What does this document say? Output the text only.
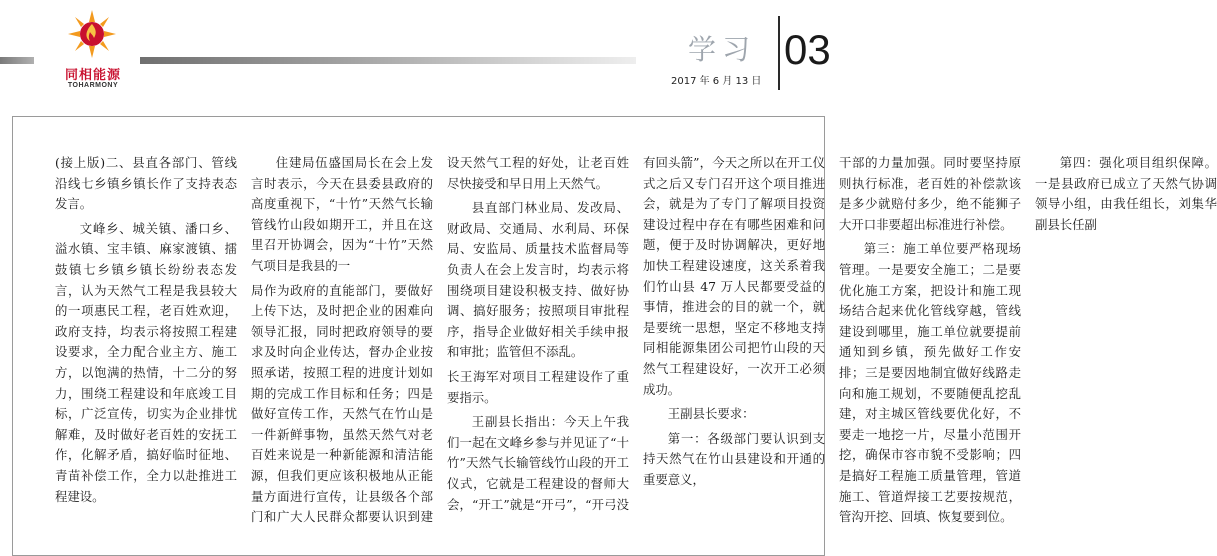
同相能源
TOHARMONY
学习
2017 年 6 月 13 日
03

(接上版)二、县直各部门、管线沿线七乡镇乡镇长作了支持表态发言。

文峰乡、城关镇、潘口乡、溢水镇、宝丰镇、麻家渡镇、擂鼓镇七乡镇乡镇长纷纷表态发言，认为天然气工程是我县较大的一项惠民工程，老百姓欢迎，政府支持，均表示将按照工程建设要求，全力配合业主方、施工方，以饱满的热情，十二分的努力，围绕工程建设和年底竣工目标，广泛宣传，切实为企业排忧解难，及时做好老百姓的安抚工作，化解矛盾，搞好临时征地、青苗补偿工作，全力以赴推进工程建设。

住建局伍盛国局长在会上发言时表示，今天在县委县政府的高度重视下，“十竹”天然气长输管线竹山段如期开工，并且在这里召开协调会，因为“十竹”天然气项目是我县的一

局作为政府的直能部门，要做好上传下达，及时把企业的困难向领导汇报，同时把政府领导的要求及时向企业传达，督办企业按照承诺，按照工程的进度计划如期的完成工作目标和任务；四是做好宣传工作，天然气在竹山是一件新鲜事物，虽然天然气对老百姓来说是一种新能源和清洁能源，但我们更应该积极地从正能量方面进行宣传，让县级各个部门和广大人民群众都要认识到建设天然气工程的好处，让老百姓尽快接受和早日用上天然气。

县直部门林业局、发改局、财政局、交通局、水利局、环保局、安监局、质量技术监督局等负责人在会上发言时，均表示将围绕项目建设积极支持、做好协调、搞好服务；按照项目审批程序，指导企业做好相关手续申报和审批；监管但不添乱。

长王海军对项目工程建设作了重要指示。

王副县长指出：今天上午我们一起在文峰乡参与并见证了“十竹”天然气长输管线竹山段的开工仪式，它就是工程建设的督师大会，“开工”就是“开弓”，“开弓没有回头箭”，今天之所以在开工仪式之后又专门召开这个项目推进会，就是为了专门了解项目投资建设过程中存在有哪些困难和问题，便于及时协调解决，更好地加快工程建设速度，这关系着我们竹山县 47 万人民都要受益的事情，推进会的目的就一个，就是要统一思想，坚定不移地支持同相能源集团公司把竹山段的天然气工程建设好，一次开工必须成功。

王副县长要求：

第一：各级部门要认识到支持天然气在竹山县建设和开通的重要意义，

干部的力量加强。同时要坚持原则执行标准，老百姓的补偿款该是多少就赔付多少，绝不能狮子大开口非要超出标准进行补偿。

第三：施工单位要严格现场管理。一是要安全施工；二是要优化施工方案，把设计和施工现场结合起来优化管线穿越，管线建设到哪里，施工单位就要提前通知到乡镇，预先做好工作安排；三是要因地制宜做好线路走向和施工规划，不要随便乱挖乱建，对主城区管线要优化好，不要走一地挖一片，尽量小范围开挖，确保市容市貌不受影响；四是搞好工程施工质量管理，管道施工、管道焊接工艺要按规范，管沟开挖、回填、恢复要到位。

第四：强化项目组织保障。一是县政府已成立了天然气协调领导小组，由我任组长，刘集华副县长任副
